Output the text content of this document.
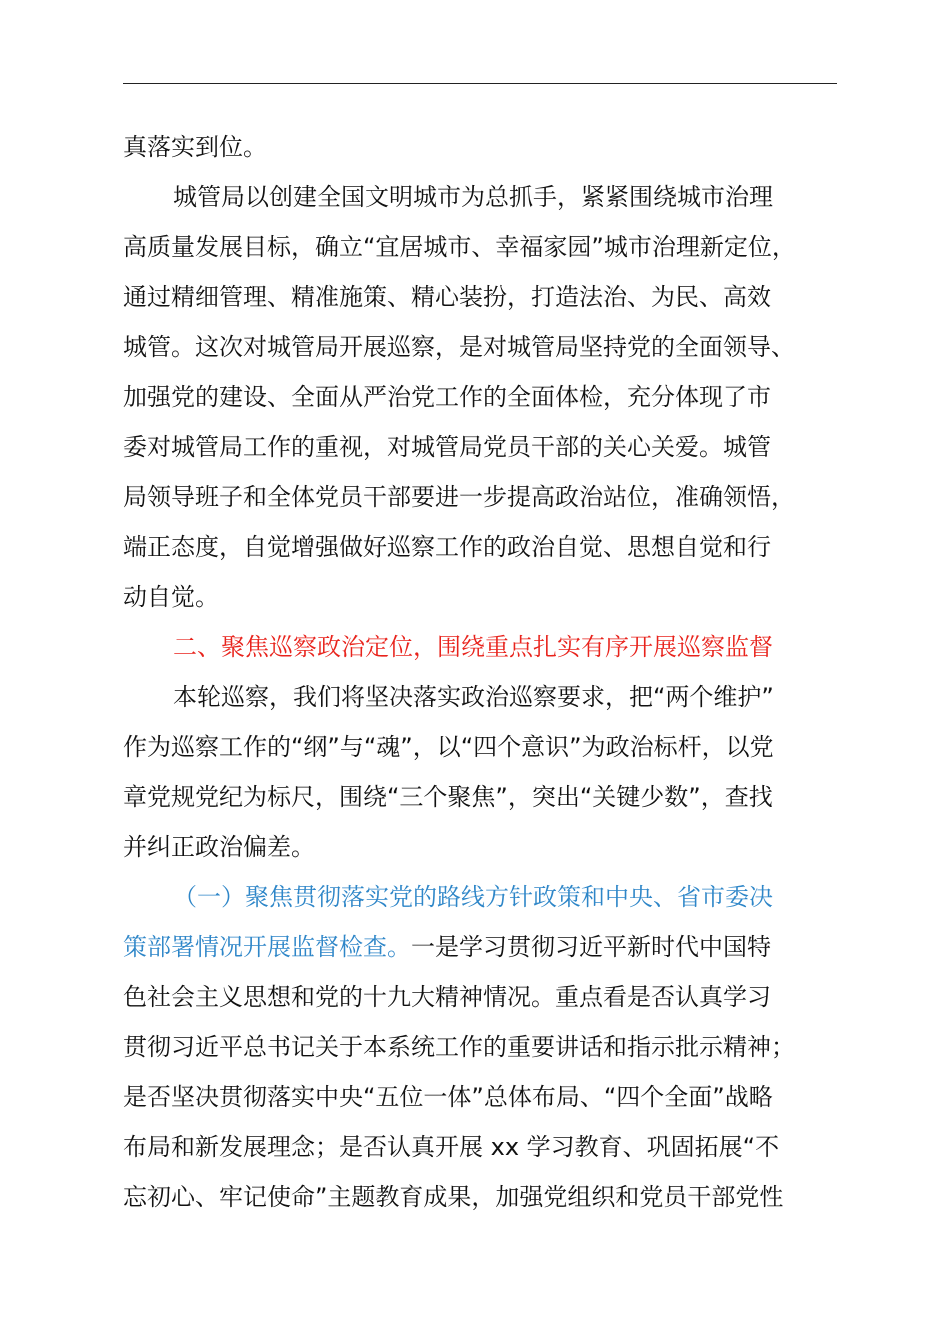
真落实到位。
城管局以创建全国文明城市为总抓手，紧紧围绕城市治理
高质量发展目标，确立“宜居城市、幸福家园”城市治理新定位，
通过精细管理、精准施策、精心装扮，打造法治、为民、高效
城管。这次对城管局开展巡察，是对城管局坚持党的全面领导、
加强党的建设、全面从严治党工作的全面体检，充分体现了市
委对城管局工作的重视，对城管局党员干部的关心关爱。城管
局领导班子和全体党员干部要进一步提高政治站位，准确领悟，
端正态度，自觉增强做好巡察工作的政治自觉、思想自觉和行
动自觉。
二、聚焦巡察政治定位，围绕重点扎实有序开展巡察监督
本轮巡察，我们将坚决落实政治巡察要求，把“两个维护”
作为巡察工作的“纲”与“魂”，以“四个意识”为政治标杆，以党
章党规党纪为标尺，围绕“三个聚焦”，突出“关键少数”，查找
并纠正政治偏差。
（一）聚焦贯彻落实党的路线方针政策和中央、省市委决
策部署情况开展监督检查。一是学习贯彻习近平新时代中国特
色社会主义思想和党的十九大精神情况。重点看是否认真学习
贯彻习近平总书记关于本系统工作的重要讲话和指示批示精神；
是否坚决贯彻落实中央“五位一体”总体布局、“四个全面”战略
布局和新发展理念；是否认真开展 xx 学习教育、巩固拓展“不
忘初心、牢记使命”主题教育成果，加强党组织和党员干部党性
